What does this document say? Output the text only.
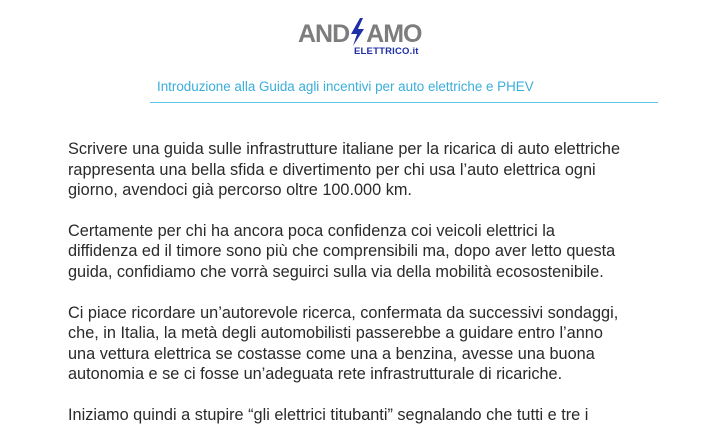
AND AMO
ELETTRICO.it
Introduzione alla Guida agli incentivi per auto elettriche e PHEV

Scrivere una guida sulle infrastrutture italiane per la ricarica di auto elettriche
rappresenta una bella sfida e divertimento per chi usa l’auto elettrica ogni
giorno, avendoci già percorso oltre 100.000 km.

Certamente per chi ha ancora poca confidenza coi veicoli elettrici la
diffidenza ed il timore sono più che comprensibili ma, dopo aver letto questa
guida, confidiamo che vorrà seguirci sulla via della mobilità ecosostenibile.

Ci piace ricordare un’autorevole ricerca, confermata da successivi sondaggi,
che, in Italia, la metà degli automobilisti passerebbe a guidare entro l’anno
una vettura elettrica se costasse come una a benzina, avesse una buona
autonomia e se ci fosse un’adeguata rete infrastrutturale di ricariche.

Iniziamo quindi a stupire “gli elettrici titubanti” segnalando che tutti e tre i
